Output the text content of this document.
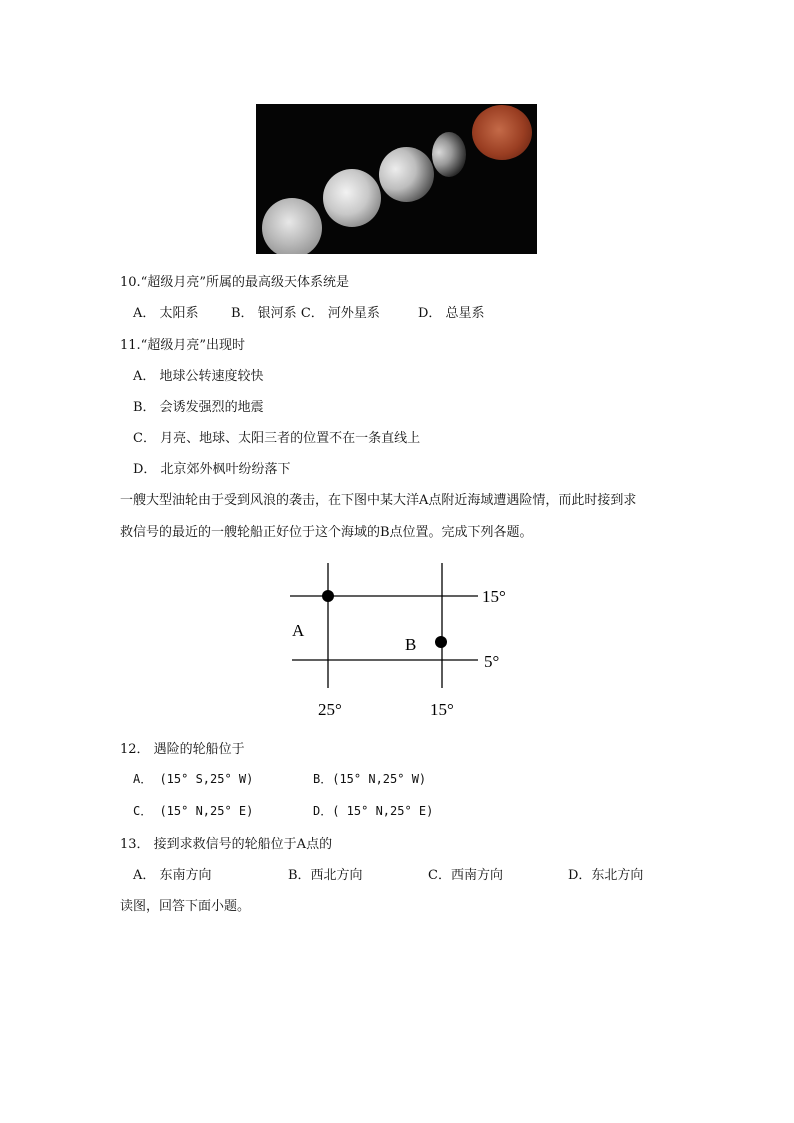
10.“超级月亮”所属的最高级天体系统是
A． 太阳系 B． 银河系 C． 河外星系	D． 总星系
11.“超级月亮”出现时
A． 地球公转速度较快
B． 会诱发强烈的地震
C． 月亮、地球、太阳三者的位置不在一条直线上
D． 北京郊外枫叶纷纷落下
一艘大型油轮由于受到风浪的袭击，在下图中某大洋A点附近海域遭遇险情，而此时接到求
救信号的最近的一艘轮船正好位于这个海域的B点位置。完成下列各题。
15°
5°
25°	15°
A
B
12． 遇险的轮船位于
A． (15° S,25° W)	B．(15° N,25° W)
C． (15° N,25° E)	D．( 15° N,25° E)
13． 接到求救信号的轮船位于A点的
A． 东南方向	B．西北方向	C．西南方向	D．东北方向
读图，回答下面小题。
